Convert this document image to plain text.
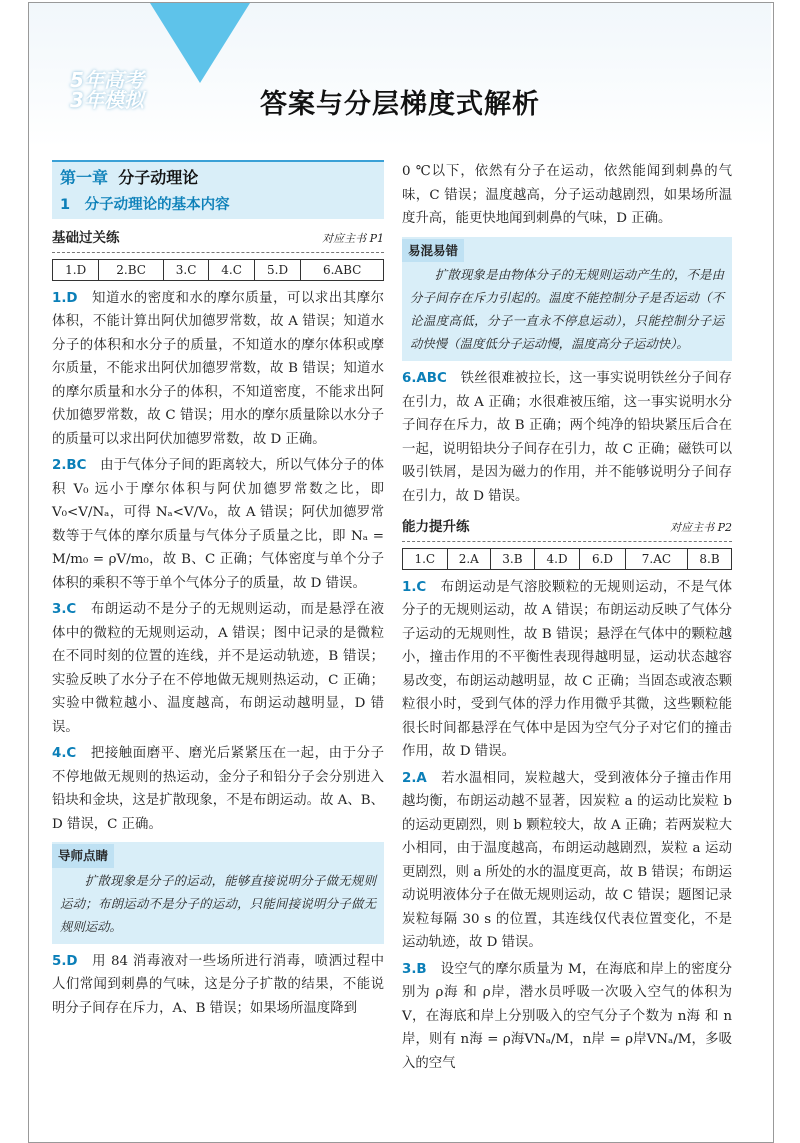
5年高考
3年模拟	答案与分层梯度式解析
第一章 分子动理论
1　分子动理论的基本内容
基础过关练	对应主书 P1
1.D	2.BC	3.C	4.C	5.D	6.ABC
1.D　 知道水的密度和水的摩尔质量，可以求出其摩尔体积，不能计算出阿伏加德罗常数，故 A 错误；知道水分子的体积和水分子的质量，不知道水的摩尔体积或摩尔质量，不能求出阿伏加德罗常数，故 B 错误；知道水的摩尔质量和水分子的体积，不知道密度，不能求出阿伏加德罗常数，故 C 错误；用水的摩尔质量除以水分子的质量可以求出阿伏加德罗常数，故 D 正确。
2.BC　 由于气体分子间的距离较大，所以气体分子的体积 V₀ 远小于摩尔体积与阿伏加德罗常数之比，即 V₀<V/Nₐ，可得 Nₐ<V/V₀，故 A 错误；阿伏加德罗常数等于气体的摩尔质量与气体分子质量之比，即 Nₐ = M/m₀ = ρV/m₀，故 B、C 正确；气体密度与单个分子体积的乘积不等于单个气体分子的质量，故 D 错误。
3.C　 布朗运动不是分子的无规则运动，而是悬浮在液体中的微粒的无规则运动，A 错误；图中记录的是微粒在不同时刻的位置的连线，并不是运动轨迹，B 错误；实验反映了水分子在不停地做无规则热运动，C 正确；实验中微粒越小、温度越高，布朗运动越明显，D 错误。
4.C　 把接触面磨平、磨光后紧紧压在一起，由于分子不停地做无规则的热运动，金分子和铅分子会分别进入铅块和金块，这是扩散现象，不是布朗运动。故 A、B、D 错误，C 正确。
导师点睛
扩散现象是分子的运动，能够直接说明分子做无规则运动；布朗运动不是分子的运动，只能间接说明分子做无规则运动。
5.D　 用 84 消毒液对一些场所进行消毒，喷洒过程中人们常闻到刺鼻的气味，这是分子扩散的结果，不能说明分子间存在斥力，A、B 错误；如果场所温度降到
0 ℃以下，依然有分子在运动，依然能闻到刺鼻的气味，C 错误；温度越高，分子运动越剧烈，如果场所温度升高，能更快地闻到刺鼻的气味，D 正确。
易混易错
扩散现象是由物体分子的无规则运动产生的，不是由分子间存在斥力引起的。温度不能控制分子是否运动（不论温度高低，分子一直永不停息运动），只能控制分子运动快慢（温度低分子运动慢，温度高分子运动快）。
6.ABC　 铁丝很难被拉长，这一事实说明铁丝分子间存在引力，故 A 正确；水很难被压缩，这一事实说明水分子间存在斥力，故 B 正确；两个纯净的铅块紧压后合在一起，说明铅块分子间存在引力，故 C 正确；磁铁可以吸引铁屑，是因为磁力的作用，并不能够说明分子间存在引力，故 D 错误。
能力提升练	对应主书 P2
1.C	2.A	3.B	4.D	6.D	7.AC	8.B
1.C　 布朗运动是气溶胶颗粒的无规则运动，不是气体分子的无规则运动，故 A 错误；布朗运动反映了气体分子运动的无规则性，故 B 错误；悬浮在气体中的颗粒越小，撞击作用的不平衡性表现得越明显，运动状态越容易改变，布朗运动越明显，故 C 正确；当固态或液态颗粒很小时，受到气体的浮力作用微乎其微，这些颗粒能很长时间都悬浮在气体中是因为空气分子对它们的撞击作用，故 D 错误。
2.A　 若水温相同，炭粒越大，受到液体分子撞击作用越均衡，布朗运动越不显著，因炭粒 a 的运动比炭粒 b 的运动更剧烈，则 b 颗粒较大，故 A 正确；若两炭粒大小相同，由于温度越高，布朗运动越剧烈，炭粒 a 运动更剧烈，则 a 所处的水的温度更高，故 B 错误；布朗运动说明液体分子在做无规则运动，故 C 错误；题图记录炭粒每隔 30 s 的位置，其连线仅代表位置变化，不是运动轨迹，故 D 错误。
3.B　 设空气的摩尔质量为 M，在海底和岸上的密度分别为 ρ海 和 ρ岸，潜水员呼吸一次吸入空气的体积为 V，在海底和岸上分别吸入的空气分子个数为 n海 和 n岸，则有 n海 = ρ海VNₐ/M，n岸 = ρ岸VNₐ/M，多吸入的空气
